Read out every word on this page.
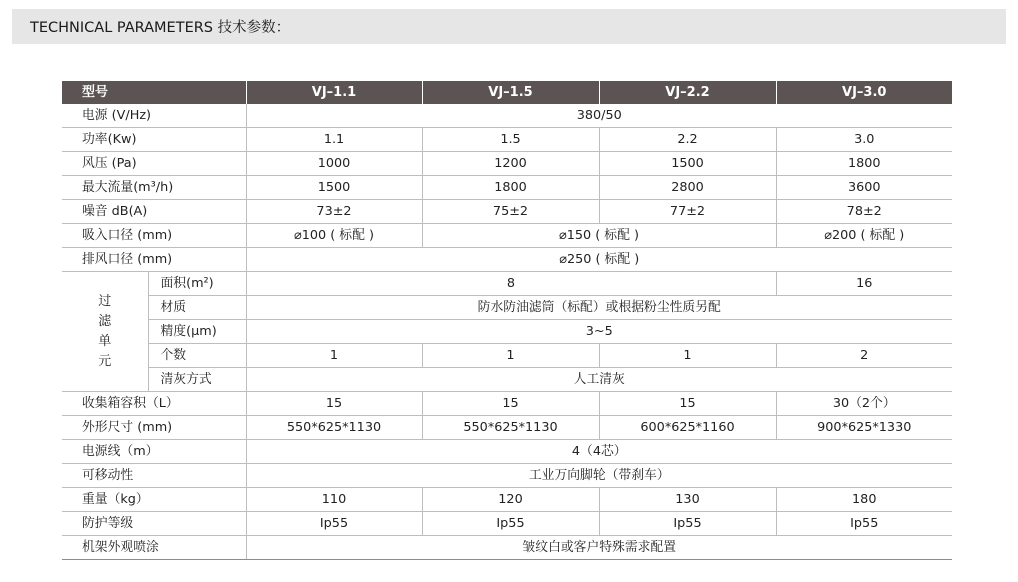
TECHNICAL PARAMETERS 技术参数：
型号		VJ–1.1	VJ–1.5	VJ–2.2	VJ–3.0
电源 (V/Hz)		380/50			
功率(Kw)		1.1	1.5	2.2	3.0
风压 (Pa)		1000	1200	1500	1800
最大流量(m³/h)		1500	1800	2800	3600
噪音 dB(A)		73±2	75±2	77±2	78±2
吸入口径 (mm)		⌀100 ( 标配 )	⌀150 ( 标配 )		⌀200 ( 标配 )
排风口径 (mm)		⌀250 ( 标配 )			

过
滤
单
元	面积(m²)	8			16
	材质	防水防油滤筒（标配）或根据粉尘性质另配			
	精度(μm)	3~5			
	个数	1	1	1	2
	清灰方式	人工清灰			
收集箱容积（L）		15	15	15	30（2个）
外形尺寸 (mm)		550*625*1130	550*625*1130	600*625*1160	900*625*1330
电源线（m）		4（4芯）			
可移动性		工业万向脚轮（带刹车）			
重量（kg）		110	120	130	180
防护等级		Ip55	Ip55	Ip55	Ip55
机架外观喷涂		皱纹白或客户特殊需求配置			
